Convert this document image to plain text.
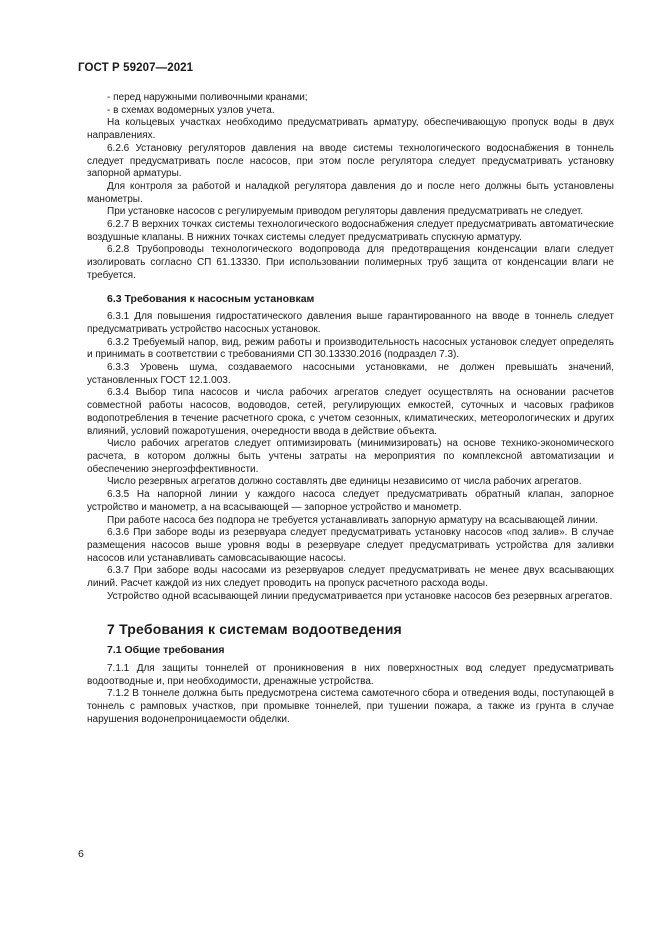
ГОСТ Р 59207—2021

- перед наружными поливочными кранами;

- в схемах водомерных узлов учета.

На кольцевых участках необходимо предусматривать арматуру, обеспечивающую пропуск воды в двух направлениях.

6.2.6 Установку регуляторов давления на вводе системы технологического водоснабжения в тоннель следует предусматривать после насосов, при этом после регулятора следует предусматривать установку запорной арматуры.

Для контроля за работой и наладкой регулятора давления до и после него должны быть установлены манометры.

При установке насосов с регулируемым приводом регуляторы давления предусматривать не следует.

6.2.7 В верхних точках системы технологического водоснабжения следует предусматривать автоматические воздушные клапаны. В нижних точках системы следует предусматривать спускную арматуру.

6.2.8 Трубопроводы технологического водопровода для предотвращения конденсации влаги следует изолировать согласно СП 61.13330. При использовании полимерных труб защита от конденсации влаги не требуется.

6.3 Требования к насосным установкам

6.3.1 Для повышения гидростатического давления выше гарантированного на вводе в тоннель следует предусматривать устройство насосных установок.

6.3.2 Требуемый напор, вид, режим работы и производительность насосных установок следует определять и принимать в соответствии с требованиями СП 30.13330.2016 (подраздел 7.3).

6.3.3 Уровень шума, создаваемого насосными установками, не должен превышать значений, установленных ГОСТ 12.1.003.

6.3.4 Выбор типа насосов и числа рабочих агрегатов следует осуществлять на основании расчетов совместной работы насосов, водоводов, сетей, регулирующих емкостей, суточных и часовых графиков водопотребления в течение расчетного срока, с учетом сезонных, климатических, метеорологических и других влияний, условий пожаротушения, очередности ввода в действие объекта.

Число рабочих агрегатов следует оптимизировать (минимизировать) на основе технико-экономического расчета, в котором должны быть учтены затраты на мероприятия по комплексной автоматизации и обеспечению энергоэффективности.

Число резервных агрегатов должно составлять две единицы независимо от числа рабочих агрегатов.

6.3.5 На напорной линии у каждого насоса следует предусматривать обратный клапан, запорное устройство и манометр, а на всасывающей — запорное устройство и манометр.

При работе насоса без подпора не требуется устанавливать запорную арматуру на всасывающей линии.

6.3.6 При заборе воды из резервуара следует предусматривать установку насосов «под залив». В случае размещения насосов выше уровня воды в резервуаре следует предусматривать устройства для заливки насосов или устанавливать самовсасывающие насосы.

6.3.7 При заборе воды насосами из резервуаров следует предусматривать не менее двух всасывающих линий. Расчет каждой из них следует проводить на пропуск расчетного расхода воды.

Устройство одной всасывающей линии предусматривается при установке насосов без резервных агрегатов.

7 Требования к системам водоотведения
7.1 Общие требования

7.1.1 Для защиты тоннелей от проникновения в них поверхностных вод следует предусматривать водоотводные и, при необходимости, дренажные устройства.

7.1.2 В тоннеле должна быть предусмотрена система самотечного сбора и отведения воды, поступающей в тоннель с рамповых участков, при промывке тоннелей, при тушении пожара, а также из грунта в случае нарушения водонепроницаемости обделки.

6
